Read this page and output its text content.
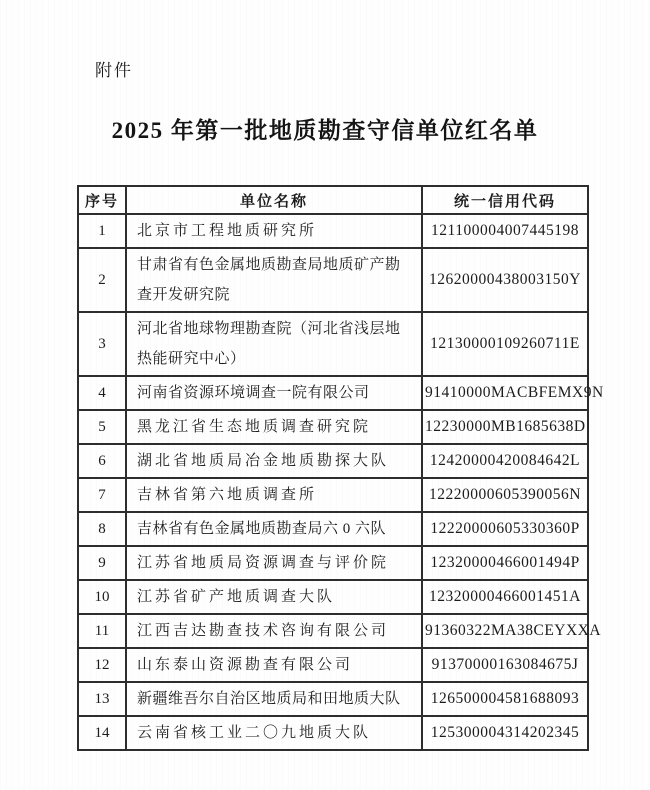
附件
2025 年第一批地质勘查守信单位红名单
序号	单位名称	统一信用代码
1	北京市工程地质研究所	121100004007445198
2	甘肃省有色金属地质勘查局地质矿产勘查开发研究院	12620000438003150Y
3	河北省地球物理勘查院（河北省浅层地热能研究中心）	12130000109260711E
4	河南省资源环境调查一院有限公司	91410000MACBFEMX9N
5	黑龙江省生态地质调查研究院	12230000MB1685638D
6	湖北省地质局冶金地质勘探大队	12420000420084642L
7	吉林省第六地质调查所	12220000605390056N
8	吉林省有色金属地质勘查局六 0 六队	12220000605330360P
9	江苏省地质局资源调查与评价院	12320000466001494P
10	江苏省矿产地质调查大队	12320000466001451A
11	江西吉达勘查技术咨询有限公司	91360322MA38CEYXXA
12	山东泰山资源勘查有限公司	91370000163084675J
13	新疆维吾尔自治区地质局和田地质大队	126500004581688093
14	云南省核工业二〇九地质大队	125300004314202345
